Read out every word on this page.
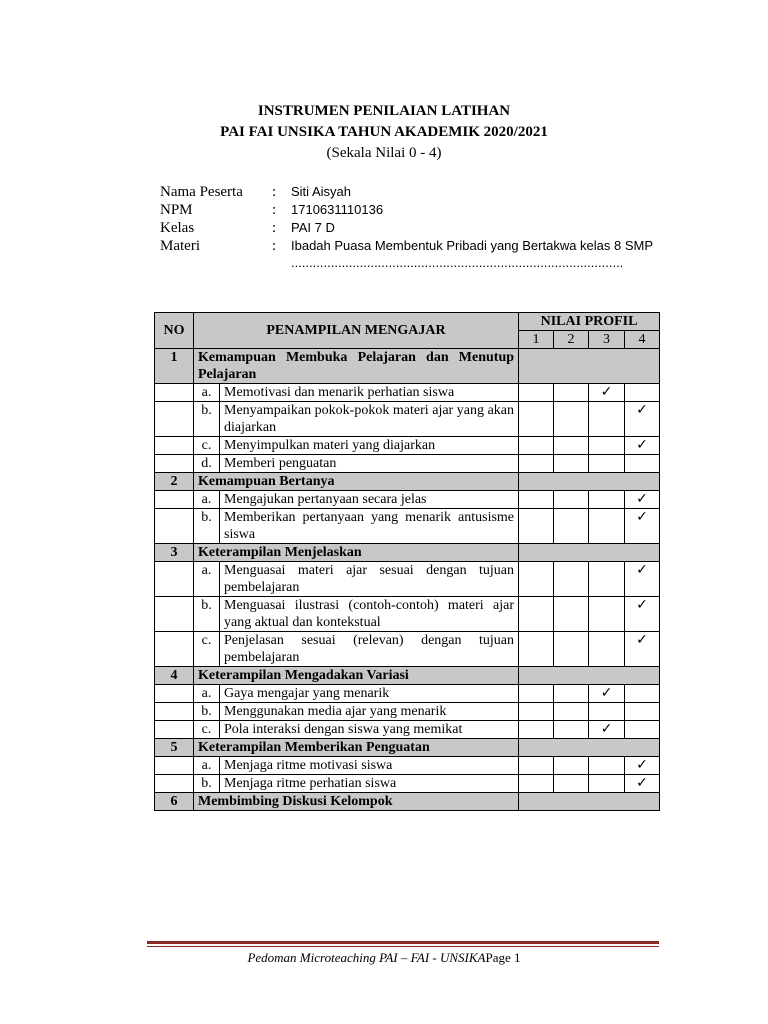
INSTRUMEN PENILAIAN LATIHAN
PAI FAI UNSIKA TAHUN AKADEMIK 2020/2021
(Sekala Nilai 0 - 4)
Nama Peserta	:	Siti Aisyah
NPM	:	1710631110136
Kelas	:	PAI 7 D
Materi	:	Ibadah Puasa Membentuk Pribadi yang Bertakwa kelas 8 SMP
............................................................................................
NO	PENAMPILAN MENGAJAR		NILAI PROFIL			
			1	2	3	4
1	Kemampuan Membuka Pelajaran dan Menutup Pelajaran					
	a.	Memotivasi dan menarik perhatian siswa			✓	
	b.	Menyampaikan pokok-pokok materi ajar yang akan diajarkan				✓
	c.	Menyimpulkan materi yang diajarkan				✓
	d.	Memberi penguatan				
2	Kemampuan Bertanya					
	a.	Mengajukan pertanyaan secara jelas				✓
	b.	Memberikan pertanyaan yang menarik antusisme siswa				✓
3	Keterampilan Menjelaskan					
	a.	Menguasai materi ajar sesuai dengan tujuan pembelajaran				✓
	b.	Menguasai ilustrasi (contoh-contoh) materi ajar yang aktual dan kontekstual				✓
	c.	Penjelasan sesuai (relevan) dengan tujuan pembelajaran				✓
4	Keterampilan Mengadakan Variasi					
	a.	Gaya mengajar yang menarik			✓	
	b.	Menggunakan media ajar yang menarik				
	c.	Pola interaksi dengan siswa yang memikat			✓	
5	Keterampilan Memberikan Penguatan					
	a.	Menjaga ritme motivasi siswa				✓
	b.	Menjaga ritme perhatian siswa				✓
6	Membimbing Diskusi Kelompok					
Pedoman Microteaching PAI – FAI - UNSIKAPage 1
